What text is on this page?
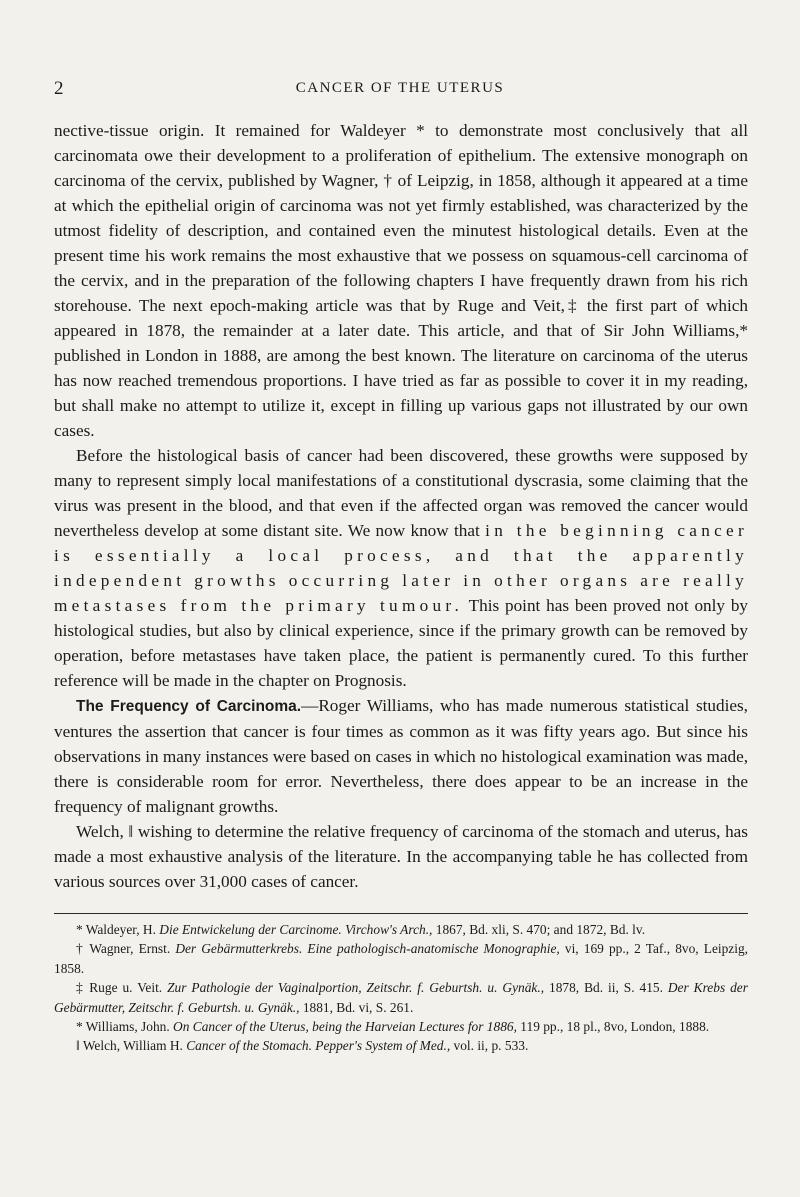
2	CANCER OF THE UTERUS

nective-tissue origin. It remained for Waldeyer * to demonstrate most conclusively that all carcinomata owe their development to a proliferation of epithelium. The extensive monograph on carcinoma of the cervix, published by Wagner, † of Leipzig, in 1858, although it appeared at a time at which the epithelial origin of carcinoma was not yet firmly established, was characterized by the utmost fidelity of description, and contained even the minutest histological details. Even at the present time his work remains the most exhaustive that we possess on squamous-cell carcinoma of the cervix, and in the preparation of the following chapters I have frequently drawn from his rich storehouse. The next epoch-making article was that by Ruge and Veit,‡ the first part of which appeared in 1878, the remainder at a later date. This article, and that of Sir John Williams,* published in London in 1888, are among the best known. The literature on carcinoma of the uterus has now reached tremendous proportions. I have tried as far as possible to cover it in my reading, but shall make no attempt to utilize it, except in filling up various gaps not illustrated by our own cases.

Before the histological basis of cancer had been discovered, these growths were supposed by many to represent simply local manifestations of a constitutional dyscrasia, some claiming that the virus was present in the blood, and that even if the affected organ was removed the cancer would nevertheless develop at some distant site. We now know that in the beginning cancer is essentially a local process, and that the apparently independent growths occurring later in other organs are really metastases from the primary tumour. This point has been proved not only by histological studies, but also by clinical experience, since if the primary growth can be removed by operation, before metastases have taken place, the patient is permanently cured. To this further reference will be made in the chapter on Prognosis.

The Frequency of Carcinoma.—Roger Williams, who has made numerous statistical studies, ventures the assertion that cancer is four times as common as it was fifty years ago. But since his observations in many instances were based on cases in which no histological examination was made, there is considerable room for error. Nevertheless, there does appear to be an increase in the frequency of malignant growths.

Welch, ‖ wishing to determine the relative frequency of carcinoma of the stomach and uterus, has made a most exhaustive analysis of the literature. In the accompanying table he has collected from various sources over 31,000 cases of cancer.

* Waldeyer, H. Die Entwickelung der Carcinome. Virchow's Arch., 1867, Bd. xli, S. 470; and 1872, Bd. lv.

† Wagner, Ernst. Der Gebärmutterkrebs. Eine pathologisch-anatomische Monographie, vi, 169 pp., 2 Taf., 8vo, Leipzig, 1858.

‡ Ruge u. Veit. Zur Pathologie der Vaginalportion, Zeitschr. f. Geburtsh. u. Gynäk., 1878, Bd. ii, S. 415. Der Krebs der Gebärmutter, Zeitschr. f. Geburtsh. u. Gynäk., 1881, Bd. vi, S. 261.

* Williams, John. On Cancer of the Uterus, being the Harveian Lectures for 1886, 119 pp., 18 pl., 8vo, London, 1888.

‖ Welch, William H. Cancer of the Stomach. Pepper's System of Med., vol. ii, p. 533.
